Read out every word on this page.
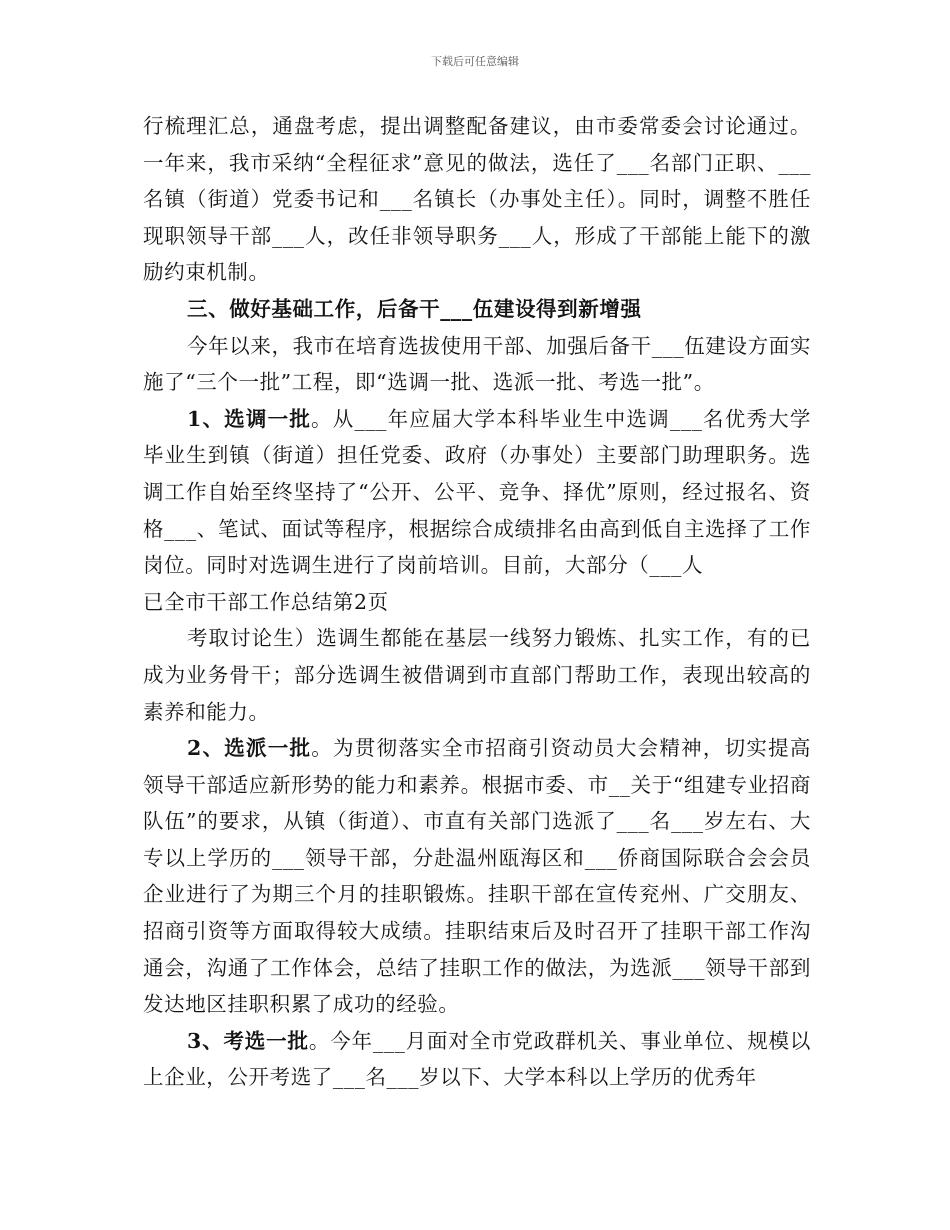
下载后可任意编辑

行梳理汇总，通盘考虑，提出调整配备建议，由市委常委会讨论通过。一年来，我市采纳“全程征求”意见的做法，选任了___名部门正职、___名镇（街道）党委书记和___名镇长（办事处主任）。同时，调整不胜任现职领导干部___人，改任非领导职务___人，形成了干部能上能下的激励约束机制。

三、做好基础工作，后备干___伍建设得到新增强

今年以来，我市在培育选拔使用干部、加强后备干___伍建设方面实施了“三个一批”工程，即“选调一批、选派一批、考选一批”。

1、选调一批。从___年应届大学本科毕业生中选调___名优秀大学毕业生到镇（街道）担任党委、政府（办事处）主要部门助理职务。选调工作自始至终坚持了“公开、公平、竞争、择优”原则，经过报名、资格___、笔试、面试等程序，根据综合成绩排名由高到低自主选择了工作岗位。同时对选调生进行了岗前培训。目前，大部分（___人

已全市干部工作总结第2页

考取讨论生）选调生都能在基层一线努力锻炼、扎实工作，有的已成为业务骨干；部分选调生被借调到市直部门帮助工作，表现出较高的素养和能力。

2、选派一批。为贯彻落实全市招商引资动员大会精神，切实提高领导干部适应新形势的能力和素养。根据市委、市__关于“组建专业招商队伍”的要求，从镇（街道）、市直有关部门选派了___名___岁左右、大专以上学历的___领导干部，分赴温州瓯海区和___侨商国际联合会会员企业进行了为期三个月的挂职锻炼。挂职干部在宣传兖州、广交朋友、招商引资等方面取得较大成绩。挂职结束后及时召开了挂职干部工作沟通会，沟通了工作体会，总结了挂职工作的做法，为选派___领导干部到发达地区挂职积累了成功的经验。

3、考选一批。今年___月面对全市党政群机关、事业单位、规模以上企业，公开考选了___名___岁以下、大学本科以上学历的优秀年
